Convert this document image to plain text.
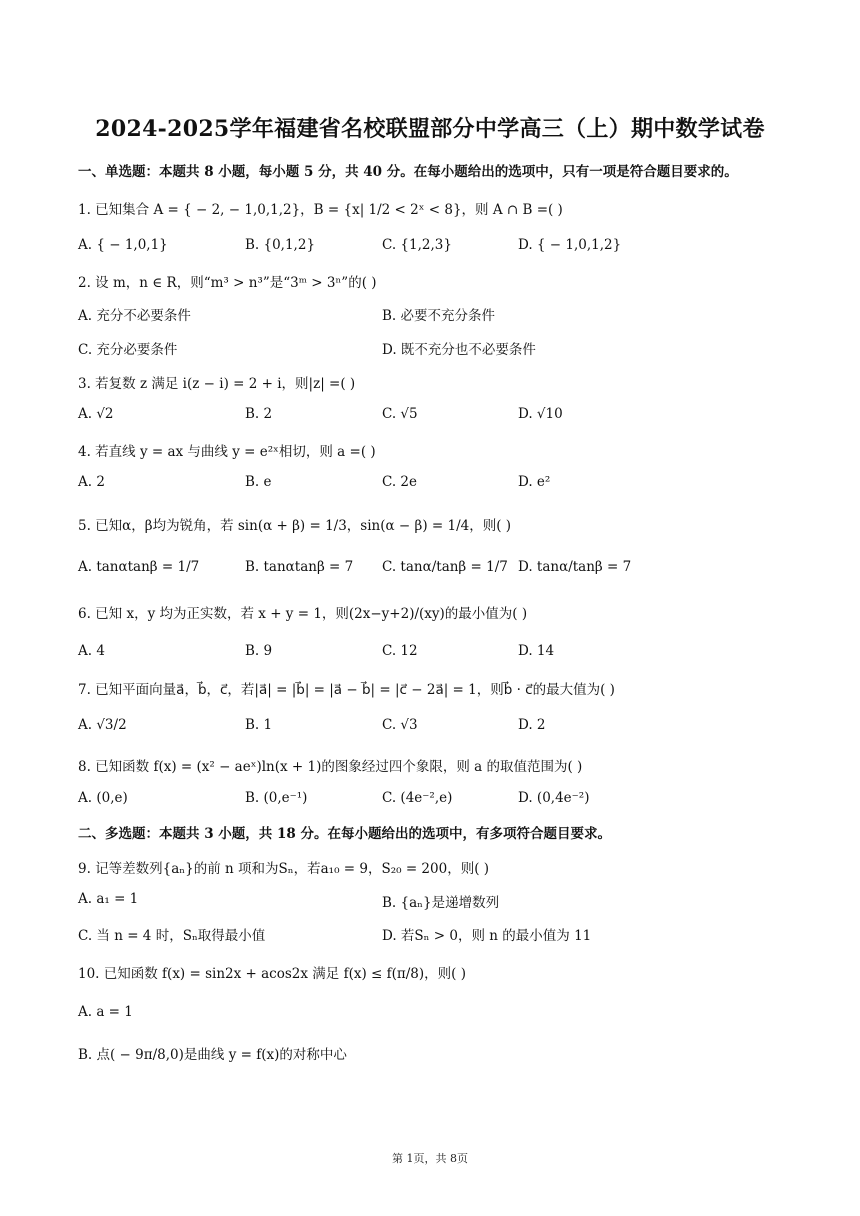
2024-2025学年福建省名校联盟部分中学高三（上）期中数学试卷
一、单选题：本题共 8 小题，每小题 5 分，共 40 分。在每小题给出的选项中，只有一项是符合题目要求的。
1. 已知集合 A = { − 2, − 1,0,1,2}，B = {x| 1/2 < 2ˣ < 8}，则 A ∩ B =( )
A. { − 1,0,1}	B. {0,1,2}	C. {1,2,3}	D. { − 1,0,1,2}
2. 设 m，n ∈ R，则“m³ > n³”是“3ᵐ > 3ⁿ”的( )
A. 充分不必要条件	B. 必要不充分条件
C. 充分必要条件	D. 既不充分也不必要条件
3. 若复数 z 满足 i(z − i) = 2 + i，则|z| =( )
A. √2	B. 2	C. √5	D. √10
4. 若直线 y = ax 与曲线 y = e²ˣ相切，则 a =( )
A. 2	B. e	C. 2e	D. e²
5. 已知α，β均为锐角，若 sin(α + β) = 1/3，sin(α − β) = 1/4，则( )
A. tanαtanβ = 1/7	B. tanαtanβ = 7 C. tanα/tanβ = 1/7 D. tanα/tanβ = 7
6. 已知 x，y 均为正实数，若 x + y = 1，则(2x−y+2)/(xy)的最小值为( )
A. 4	B. 9	C. 12	D. 14
7. 已知平面向量a⃗，b⃗，c⃗，若|a⃗| = |b⃗| = |a⃗ − b⃗| = |c⃗ − 2a⃗| = 1，则b⃗ · c⃗的最大值为( )
A. √3/2	B. 1	C. √3	D. 2
8. 已知函数 f(x) = (x² − aeˣ)ln(x + 1)的图象经过四个象限，则 a 的取值范围为( )
A. (0,e)	B. (0,e⁻¹)	C. (4e⁻²,e)	D. (0,4e⁻²)
二、多选题：本题共 3 小题，共 18 分。在每小题给出的选项中，有多项符合题目要求。
9. 记等差数列{aₙ}的前 n 项和为Sₙ，若a₁₀ = 9，S₂₀ = 200，则( )
A. a₁ = 1	B. {aₙ}是递增数列
C. 当 n = 4 时，Sₙ取得最小值	D. 若Sₙ > 0，则 n 的最小值为 11
10. 已知函数 f(x) = sin2x + acos2x 满足 f(x) ≤ f(π/8)，则( )
A. a = 1
B. 点( − 9π/8,0)是曲线 y = f(x)的对称中心
第 1页，共 8页
